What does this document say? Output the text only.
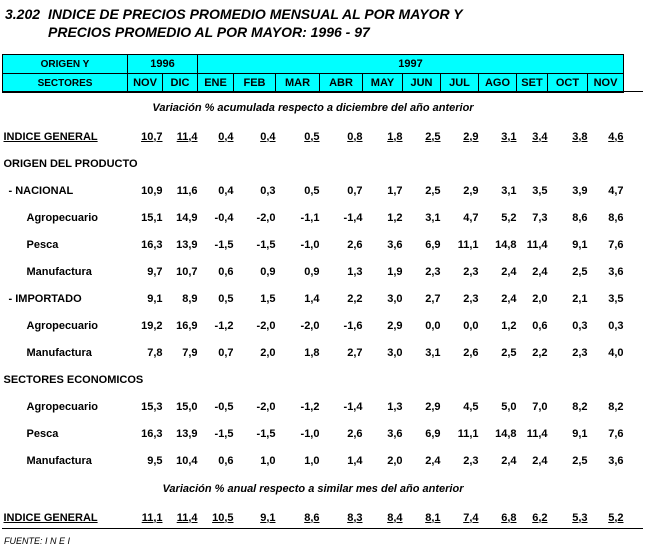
3.202 INDICE DE PRECIOS PROMEDIO MENSUAL AL POR MAYOR Y
PRECIOS PROMEDIO AL POR MAYOR: 1996 - 97
ORIGEN Y	1996		1997										
SECTORES	NOV	DIC	ENE	FEB	MAR	ABR	MAY	JUN	JUL	AGO	SET	OCT	NOV
Variación % acumulada respecto a diciembre del año anterior													
INDICE GENERAL	10,7	11,4	0,4	0,4	0,5	0,8	1,8	2,5	2,9	3,1	3,4	3,8	4,6
ORIGEN DEL PRODUCTO													
- NACIONAL	10,9	11,6	0,4	0,3	0,5	0,7	1,7	2,5	2,9	3,1	3,5	3,9	4,7
Agropecuario	15,1	14,9	-0,4	-2,0	-1,1	-1,4	1,2	3,1	4,7	5,2	7,3	8,6	8,6
Pesca	16,3	13,9	-1,5	-1,5	-1,0	2,6	3,6	6,9	11,1	14,8	11,4	9,1	7,6
Manufactura	9,7	10,7	0,6	0,9	0,9	1,3	1,9	2,3	2,3	2,4	2,4	2,5	3,6
- IMPORTADO	9,1	8,9	0,5	1,5	1,4	2,2	3,0	2,7	2,3	2,4	2,0	2,1	3,5
Agropecuario	19,2	16,9	-1,2	-2,0	-2,0	-1,6	2,9	0,0	0,0	1,2	0,6	0,3	0,3
Manufactura	7,8	7,9	0,7	2,0	1,8	2,7	3,0	3,1	2,6	2,5	2,2	2,3	4,0
SECTORES ECONOMICOS													
Agropecuario	15,3	15,0	-0,5	-2,0	-1,2	-1,4	1,3	2,9	4,5	5,0	7,0	8,2	8,2
Pesca	16,3	13,9	-1,5	-1,5	-1,0	2,6	3,6	6,9	11,1	14,8	11,4	9,1	7,6
Manufactura	9,5	10,4	0,6	1,0	1,0	1,4	2,0	2,4	2,3	2,4	2,4	2,5	3,6
Variación % anual respecto a similar mes del año anterior													
INDICE GENERAL	11,1	11,4	10,5	9,1	8,6	8,3	8,4	8,1	7,4	6,8	6,2	5,3	5,2
FUENTE: I N E I
